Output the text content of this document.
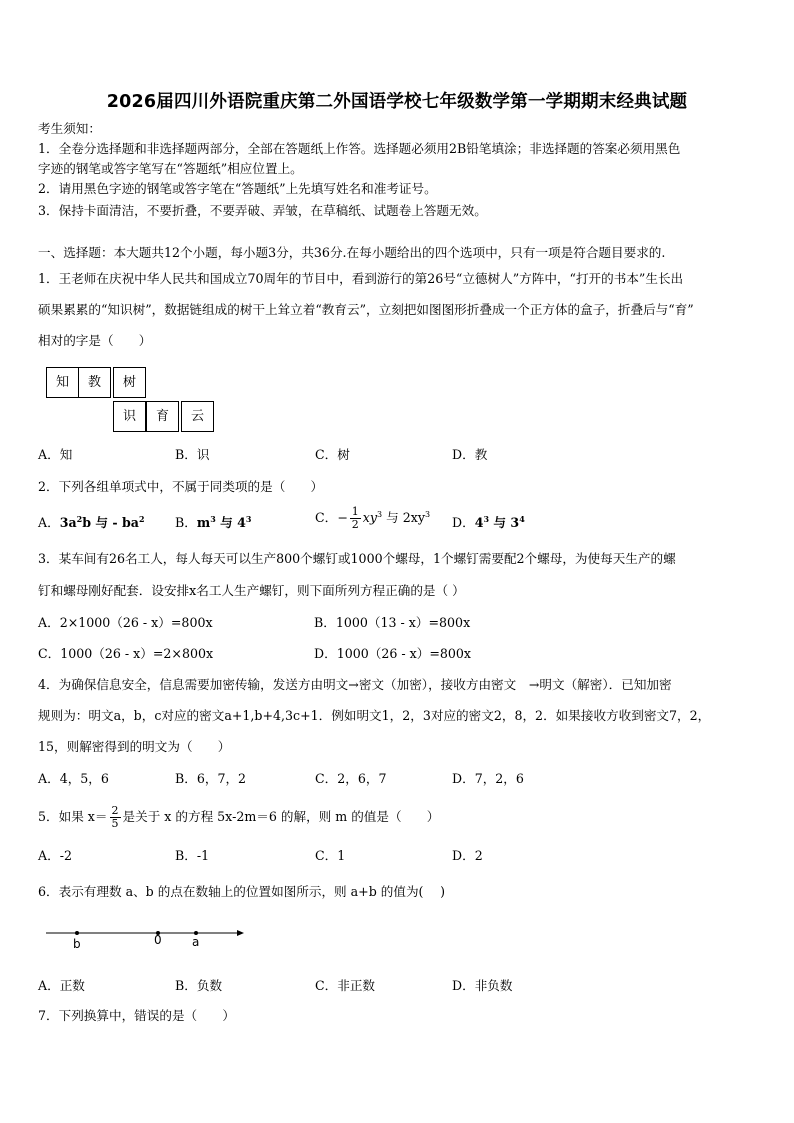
2026届四川外语院重庆第二外国语学校七年级数学第一学期期末经典试题
考生须知：
1．全卷分选择题和非选择题两部分，全部在答题纸上作答。选择题必须用2B铅笔填涂；非选择题的答案必须用黑色
字迹的钢笔或答字笔写在“答题纸”相应位置上。
2．请用黑色字迹的钢笔或答字笔在“答题纸”上先填写姓名和准考证号。
3．保持卡面清洁，不要折叠，不要弄破、弄皱，在草稿纸、试题卷上答题无效。
一、选择题：本大题共12个小题，每小题3分，共36分.在每小题给出的四个选项中，只有一项是符合题目要求的.
1．王老师在庆祝中华人民共和国成立70周年的节目中，看到游行的第26号“立德树人”方阵中，“打开的书本”生长出
硕果累累的“知识树”，数据链组成的树干上耸立着“教育云”，立刻把如图图形折叠成一个正方体的盒子，折叠后与“育”
相对的字是（　　）
知	教	树
识	育	云
A．知	B．识	C．树	D．教
2．下列各组单项式中，不属于同类项的是（　　）
A．$3a^2b$ 与 - $ba^2$ B．$m^3$ 与 $4^3$	C．− $\frac{1}{2} xy^3$ 与 $2xy^3$
D．$4^3$ 与 $3^4$
3．某车间有26名工人，每人每天可以生产800个螺钉或1000个螺母，1个螺钉需要配2个螺母，为使每天生产的螺
钉和螺母刚好配套．设安排x名工人生产螺钉，则下面所列方程正确的是（ ）
A．2×1000（26 - x）=800x	B．1000（13 - x）=800x
C．1000（26 - x）=2×800x	D．1000（26 - x）=800x
4．为确保信息安全，信息需要加密传输，发送方由明文→密文（加密），接收方由密文　→明文（解密）．已知加密
规则为：明文a，b，c对应的密文a+1,b+4,3c+1．例如明文1，2，3对应的密文2，8，2．如果接收方收到密文7，2，
15，则解密得到的明文为（　　）
A．4，5，6	B．6，7，2	C．2，6，7	D．7，2，6
5．如果 $x= \frac{2}{5}$ 是关于 x 的方程 5x-2m＝6 的解，则 m 的值是（　　）
A．-2	B．-1	C．1	D．2
6．表示有理数 a、b 的点在数轴上的位置如图所示，则 a+b 的值为(　 )
b	0	a
A．正数	B．负数	C．非正数	D．非负数
7．下列换算中，错误的是（　　）
